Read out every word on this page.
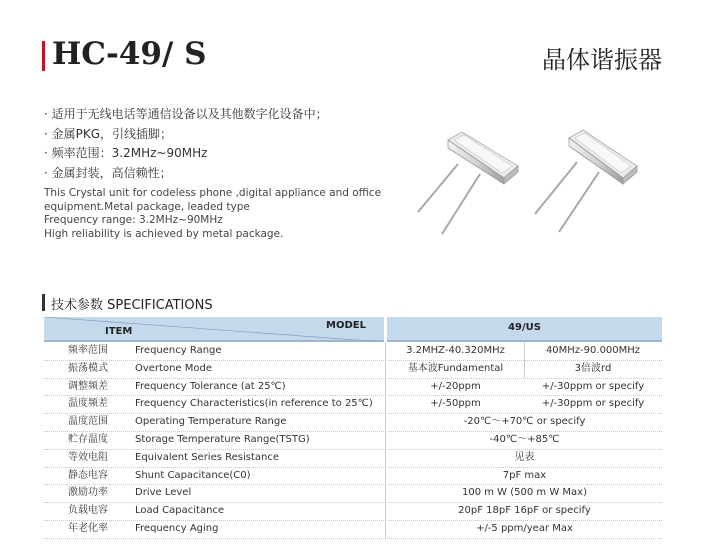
HC-49/ S	晶体谐振器
· 适用于无线电话等通信设备以及其他数字化设备中；
· 金属PKG，引线插脚；
· 频率范围：3.2MHz~90MHz
· 金属封装，高信赖性；
This Crystal unit for codeless phone ,digital appliance and office
equipment.Metal package, leaded type
Frequency range: 3.2MHz~90MHz
High reliability is achieved by metal package.
技术参数 SPECIFICATIONS
ITEM
MODEL	49/US
频率范围	Frequency Range	3.2MHZ-40.320MHz	40MHz-90.000MHz
振荡模式	Overtone Mode	基本波Fundamental	3倍波rd
调整频差	Frequency Tolerance (at 25℃)	+/-20ppm	+/-30ppm or specify
温度频差	Frequency Characteristics(in reference to 25℃)	+/-50ppm	+/-30ppm or specify
温度范围	Operating Temperature Range	-20℃～+70℃ or specify
贮存温度	Storage Temperature Range(TSTG)	-40℃～+85℃
等效电阻	Equivalent Series Resistance	见表
静态电容	Shunt Capacitance(C0)	7pF max
激励功率	Drive Level	100 m W (500 m W Max)
负载电容	Load Capacitance	20pF 18pF 16pF or specify
年老化率	Frequency Aging	+/-5 ppm/year Max
